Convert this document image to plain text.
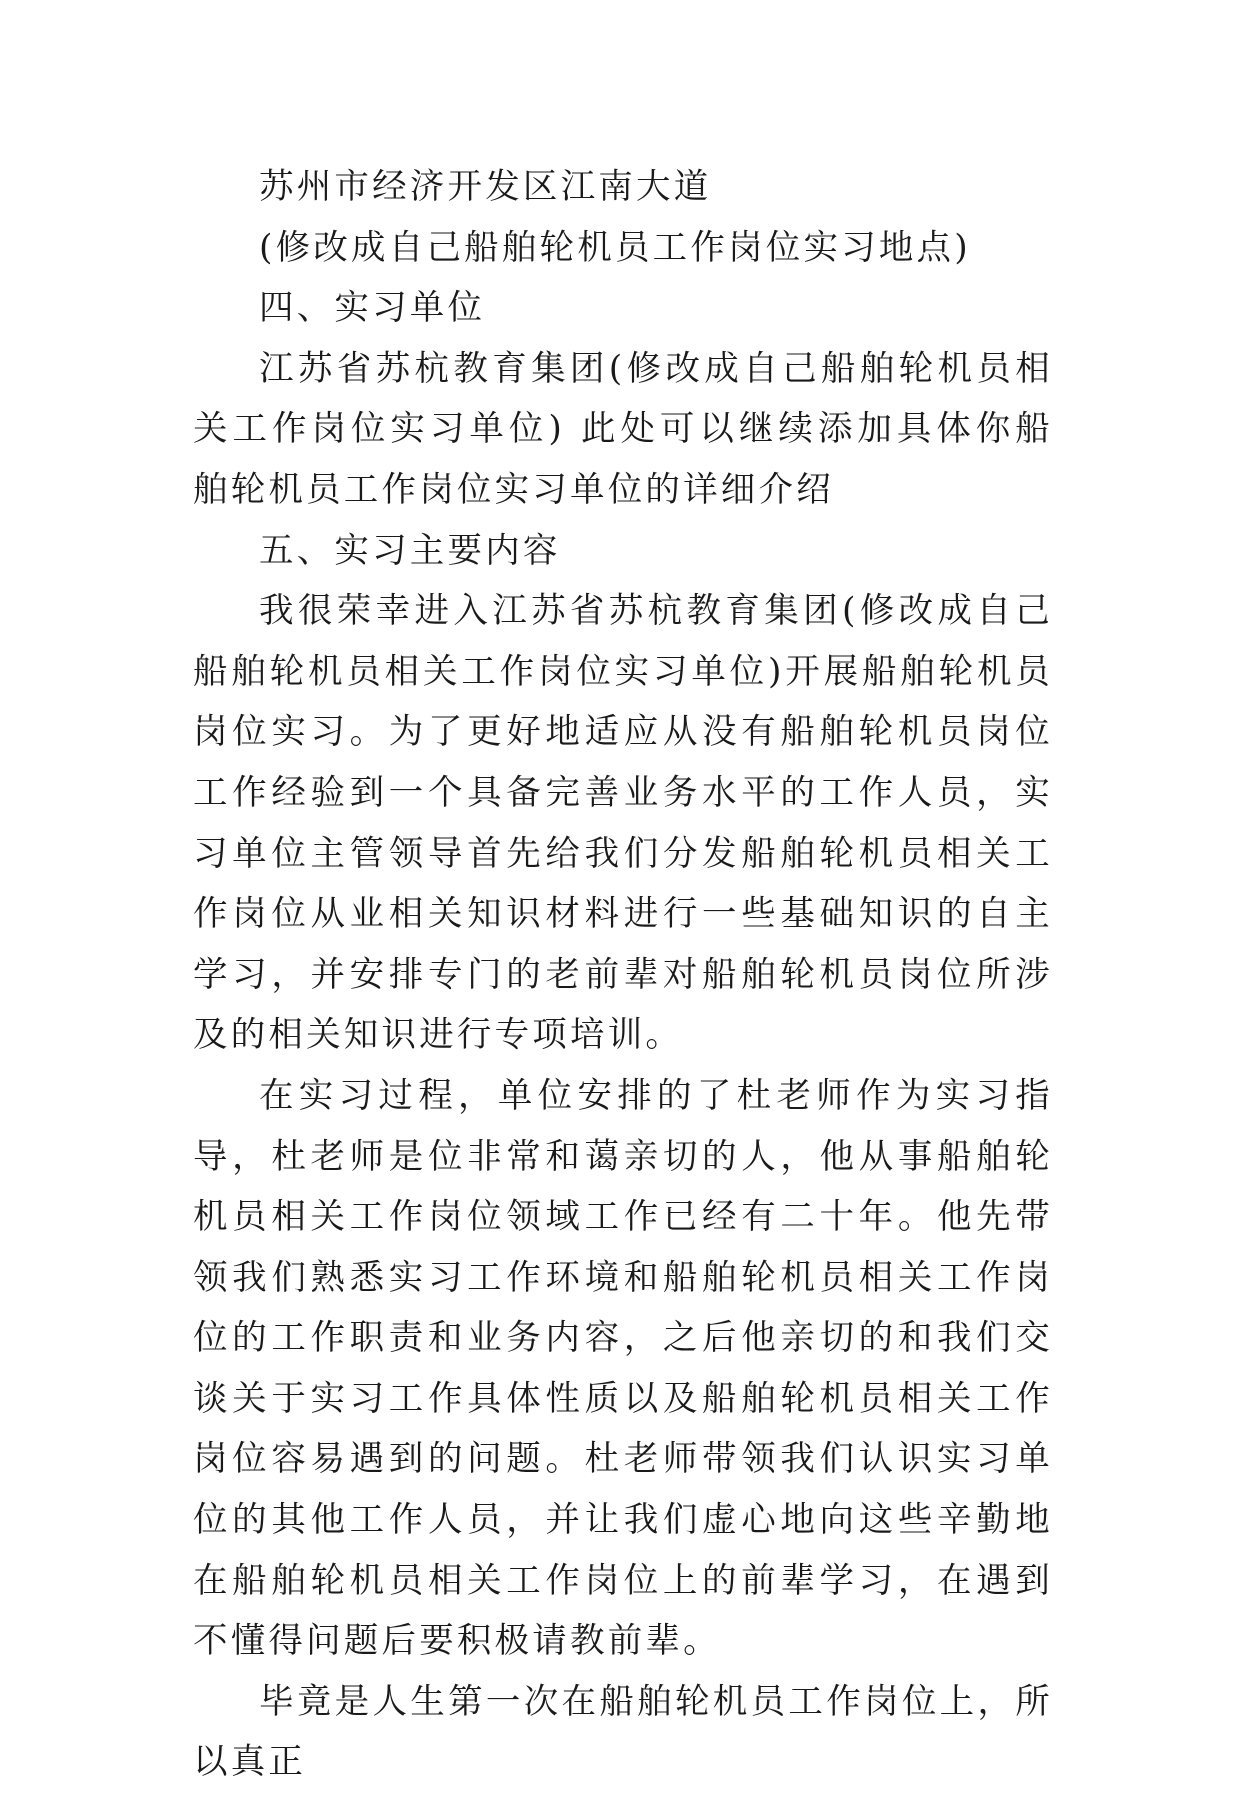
苏州市经济开发区江南大道

(修改成自己船舶轮机员工作岗位实习地点)

四、实习单位

江苏省苏杭教育集团(修改成自己船舶轮机员相关工作岗位实习单位) 此处可以继续添加具体你船舶轮机员工作岗位实习单位的详细介绍

五、实习主要内容

我很荣幸进入江苏省苏杭教育集团(修改成自己船舶轮机员相关工作岗位实习单位)开展船舶轮机员岗位实习。为了更好地适应从没有船舶轮机员岗位工作经验到一个具备完善业务水平的工作人员，实习单位主管领导首先给我们分发船舶轮机员相关工作岗位从业相关知识材料进行一些基础知识的自主学习，并安排专门的老前辈对船舶轮机员岗位所涉及的相关知识进行专项培训。

在实习过程，单位安排的了杜老师作为实习指导，杜老师是位非常和蔼亲切的人，他从事船舶轮机员相关工作岗位领域工作已经有二十年。他先带领我们熟悉实习工作环境和船舶轮机员相关工作岗位的工作职责和业务内容，之后他亲切的和我们交谈关于实习工作具体性质以及船舶轮机员相关工作岗位容易遇到的问题。杜老师带领我们认识实习单位的其他工作人员，并让我们虚心地向这些辛勤地在船舶轮机员相关工作岗位上的前辈学习，在遇到不懂得问题后要积极请教前辈。

毕竟是人生第一次在船舶轮机员工作岗位上，所以真正
